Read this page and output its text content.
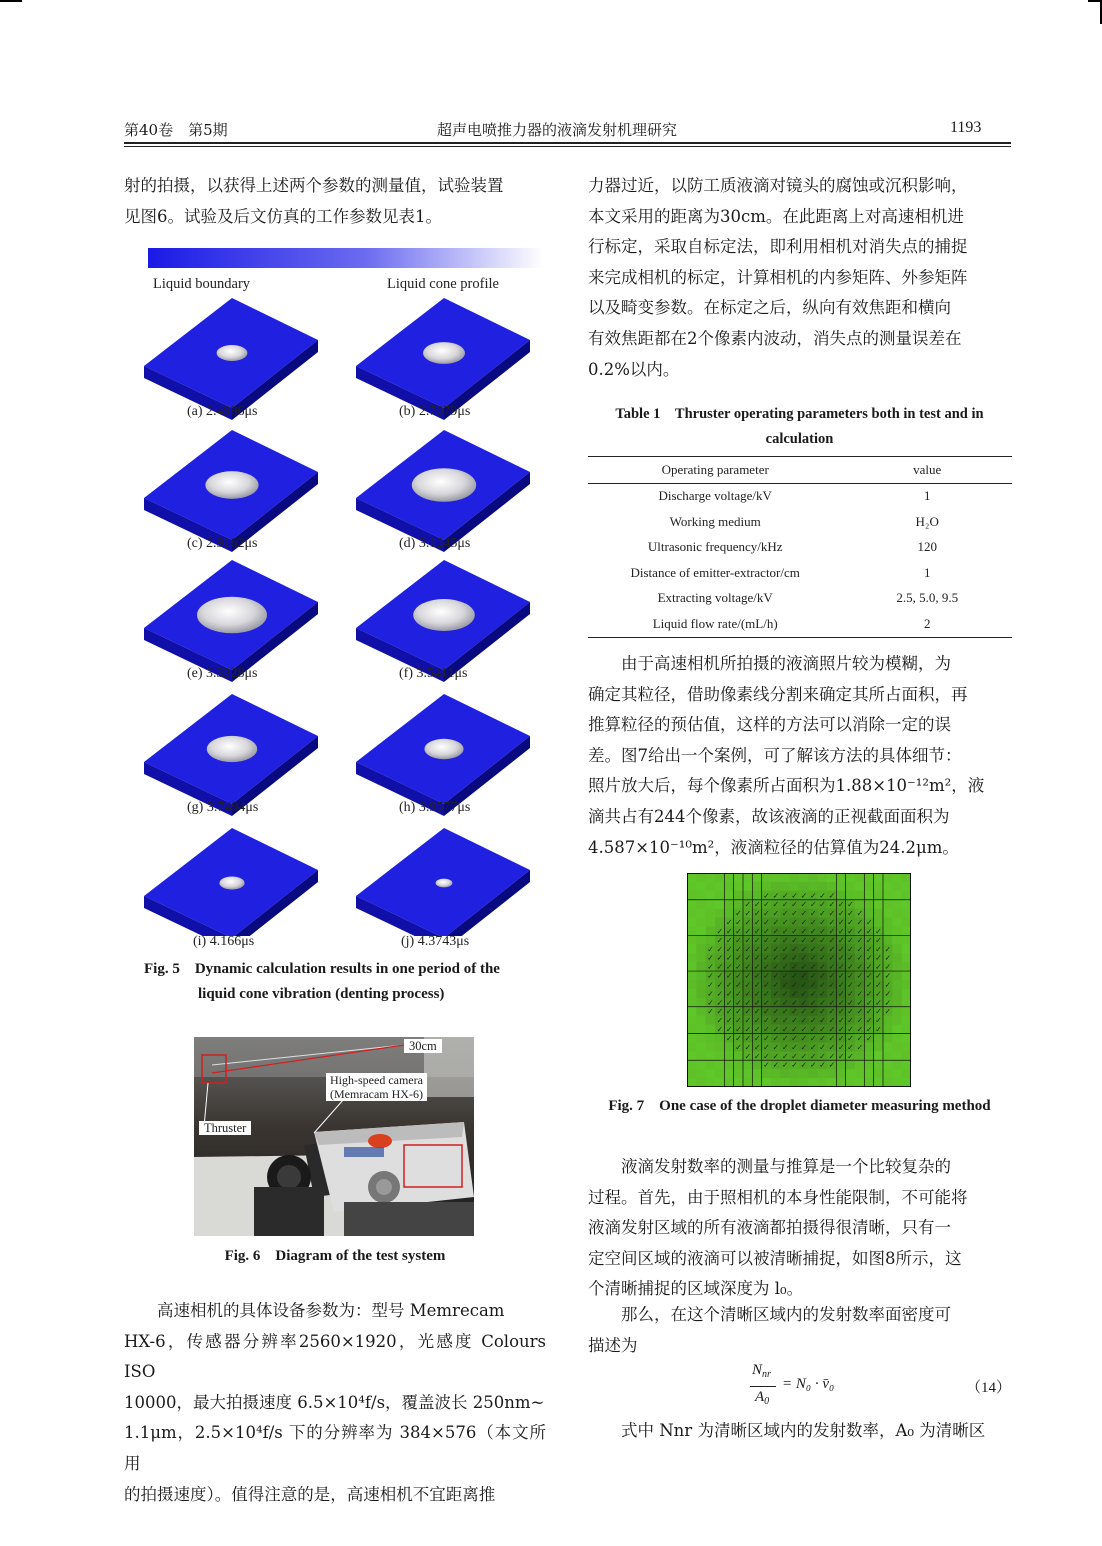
第40卷　第5期	超声电喷推力器的液滴发射机理研究	1193

射的拍摄，以获得上述两个参数的测量值，试验装置

见图6。试验及后文仿真的工作参数见表1。

Liquid boundary	Liquid cone profile
(a) 2.4996μs	(b) 2.7079μs
(c) 2.9162μs	(d) 3.1245μs
(e) 3.3328μs	(f) 3.5411μs
(g) 3.7494μs	(h) 3.9577μs
(i) 4.166μs	(j) 4.3743μs
Fig. 5　Dynamic calculation results in one period of the
liquid cone vibration (denting process)
30cm
High-speed camera
(Memracam HX-6)
Thruster
Fig. 6　Diagram of the test system

高速相机的具体设备参数为：型号 Memrecam

HX-6，传感器分辨率2560×1920，光感度 Colours ISO

10000，最大拍摄速度 6.5×10⁴f/s，覆盖波长 250nm~

1.1μm，2.5×10⁴f/s 下的分辨率为 384×576（本文所用

的拍摄速度）。值得注意的是，高速相机不宜距离推

力器过近，以防工质液滴对镜头的腐蚀或沉积影响，

本文采用的距离为30cm。在此距离上对高速相机进

行标定，采取自标定法，即利用相机对消失点的捕捉

来完成相机的标定，计算相机的内参矩阵、外参矩阵

以及畸变参数。在标定之后，纵向有效焦距和横向

有效焦距都在2个像素内波动，消失点的测量误差在

0.2%以内。

Table 1　Thruster operating parameters both in test and in
calculation
Operating parameter	value
Discharge voltage/kV	1
Working medium	H₂O
Ultrasonic frequency/kHz	120
Distance of emitter-extractor/cm	1
Extracting voltage/kV	2.5, 5.0, 9.5
Liquid flow rate/(mL/h)	2

由于高速相机所拍摄的液滴照片较为模糊，为

确定其粒径，借助像素线分割来确定其所占面积，再

推算粒径的预估值，这样的方法可以消除一定的误

差。图7给出一个案例，可了解该方法的具体细节：

照片放大后，每个像素所占面积为1.88×10⁻¹²m²，液

滴共占有244个像素，故该液滴的正视截面面积为

4.587×10⁻¹⁰m²，液滴粒径的估算值为24.2μm。

✓ ✓ ✓ ✓ ✓ ✓ ✓ ✓
✓ ✓ ✓ ✓ ✓ ✓ ✓ ✓ ✓ ✓ ✓ ✓
✓ ✓ ✓ ✓ ✓ ✓ ✓ ✓ ✓ ✓ ✓ ✓ ✓ ✓
✓ ✓ ✓ ✓ ✓ ✓ ✓ ✓ ✓ ✓ ✓ ✓ ✓ ✓ ✓ ✓
✓ ✓ ✓ ✓ ✓ ✓ ✓ ✓ ✓ ✓ ✓ ✓ ✓ ✓ ✓ ✓ ✓ ✓
✓ ✓ ✓ ✓ ✓ ✓ ✓ ✓ ✓ ✓ ✓ ✓ ✓ ✓ ✓ ✓ ✓ ✓
✓ ✓ ✓ ✓ ✓ ✓ ✓ ✓ ✓ ✓ ✓ ✓ ✓ ✓ ✓ ✓ ✓ ✓ ✓ ✓
✓ ✓ ✓ ✓ ✓ ✓ ✓ ✓ ✓ ✓ ✓ ✓ ✓ ✓ ✓ ✓ ✓ ✓ ✓ ✓
✓ ✓ ✓ ✓ ✓ ✓ ✓ ✓ ✓ ✓ ✓ ✓ ✓ ✓ ✓ ✓ ✓ ✓ ✓ ✓
✓ ✓ ✓ ✓ ✓ ✓ ✓ ✓ ✓ ✓ ✓ ✓ ✓ ✓ ✓ ✓ ✓ ✓ ✓ ✓
✓ ✓ ✓ ✓ ✓ ✓ ✓ ✓ ✓ ✓ ✓ ✓ ✓ ✓ ✓ ✓ ✓ ✓ ✓ ✓
✓ ✓ ✓ ✓ ✓ ✓ ✓ ✓ ✓ ✓ ✓ ✓ ✓ ✓ ✓ ✓ ✓ ✓ ✓ ✓
✓ ✓ ✓ ✓ ✓ ✓ ✓ ✓ ✓ ✓ ✓ ✓ ✓ ✓ ✓ ✓ ✓ ✓ ✓ ✓
✓ ✓ ✓ ✓ ✓ ✓ ✓ ✓ ✓ ✓ ✓ ✓ ✓ ✓ ✓ ✓ ✓ ✓ ✓ ✓
✓ ✓ ✓ ✓ ✓ ✓ ✓ ✓ ✓ ✓ ✓ ✓ ✓ ✓ ✓ ✓ ✓ ✓
✓ ✓ ✓ ✓ ✓ ✓ ✓ ✓ ✓ ✓ ✓ ✓ ✓ ✓ ✓ ✓ ✓ ✓
✓ ✓ ✓ ✓ ✓ ✓ ✓ ✓ ✓ ✓ ✓ ✓ ✓ ✓ ✓ ✓
✓ ✓ ✓ ✓ ✓ ✓ ✓ ✓ ✓ ✓ ✓ ✓ ✓ ✓
✓ ✓ ✓ ✓ ✓ ✓ ✓ ✓ ✓ ✓ ✓ ✓
✓ ✓ ✓ ✓ ✓ ✓ ✓ ✓
Fig. 7　One case of the droplet diameter measuring method

液滴发射数率的测量与推算是一个比较复杂的

过程。首先，由于照相机的本身性能限制，不可能将

液滴发射区域的所有液滴都拍摄得很清晰，只有一

定空间区域的液滴可以被清晰捕捉，如图8所示，这

个清晰捕捉的区域深度为 l₀。

那么，在这个清晰区域内的发射数率面密度可

描述为

$N_{nr}$
$A_0$
= N₀ · v̄₀	（14）
式中 Nnr 为清晰区域内的发射数率，A₀ 为清晰区
